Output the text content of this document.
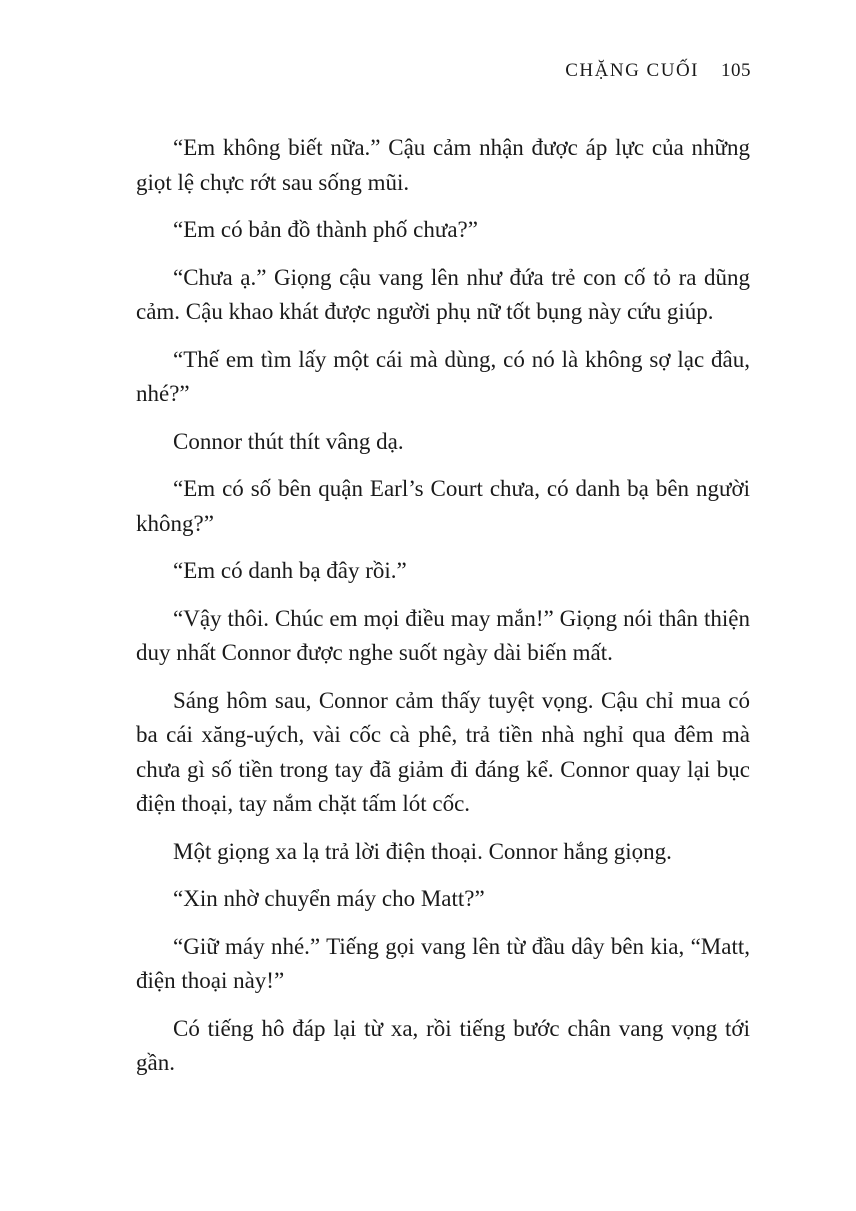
CHẶNG CUỐI 105

“Em không biết nữa.” Cậu cảm nhận được áp lực của những giọt lệ chực rớt sau sống mũi.

“Em có bản đồ thành phố chưa?”

“Chưa ạ.” Giọng cậu vang lên như đứa trẻ con cố tỏ ra dũng cảm. Cậu khao khát được người phụ nữ tốt bụng này cứu giúp.

“Thế em tìm lấy một cái mà dùng, có nó là không sợ lạc đâu, nhé?”

Connor thút thít vâng dạ.

“Em có số bên quận Earl’s Court chưa, có danh bạ bên người không?”

“Em có danh bạ đây rồi.”

“Vậy thôi. Chúc em mọi điều may mắn!” Giọng nói thân thiện duy nhất Connor được nghe suốt ngày dài biến mất.

Sáng hôm sau, Connor cảm thấy tuyệt vọng. Cậu chỉ mua có ba cái xăng-uých, vài cốc cà phê, trả tiền nhà nghỉ qua đêm mà chưa gì số tiền trong tay đã giảm đi đáng kể. Connor quay lại bục điện thoại, tay nắm chặt tấm lót cốc.

Một giọng xa lạ trả lời điện thoại. Connor hắng giọng.

“Xin nhờ chuyển máy cho Matt?”

“Giữ máy nhé.” Tiếng gọi vang lên từ đầu dây bên kia, “Matt, điện thoại này!”

Có tiếng hô đáp lại từ xa, rồi tiếng bước chân vang vọng tới gần.
